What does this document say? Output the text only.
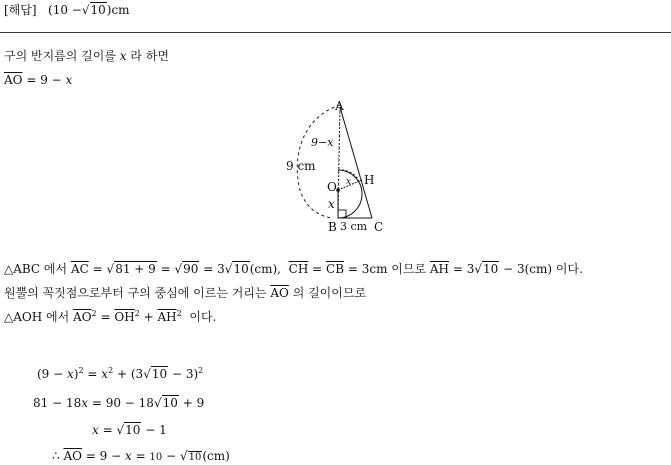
[해답] (10 −√10)cm
구의 반지름의 길이를 x 라 하면
$\overline{AO} = 9 - x$
A
H
O
B	C
9 cm
3 cm
9−x
x
x
△ABC 에서 $\overline{AC} = √81 + 9 = √90 = 3√10(cm)$, $\overline{CH} = \overline{CB} = 3cm$ 이므로 $\overline{AH} = 3√10 - 3(cm)$ 이다.
원뿔의 꼭짓점으로부터 구의 중심에 이르는 거리는 $\overline{AO}$ 의 길이이므로
△AOH 에서 $\overline{AO}^2 = \overline{OH}^2 + \overline{AH}^2$ 이다.
$(9 - x)^2 = x^2 + (3√10 - 3)^2$
81 − 18x = 90 − 18√10 + 9
x = √10 − 1
∴ $\overline{AO} = 9 - x = 10 - √10(cm)$
